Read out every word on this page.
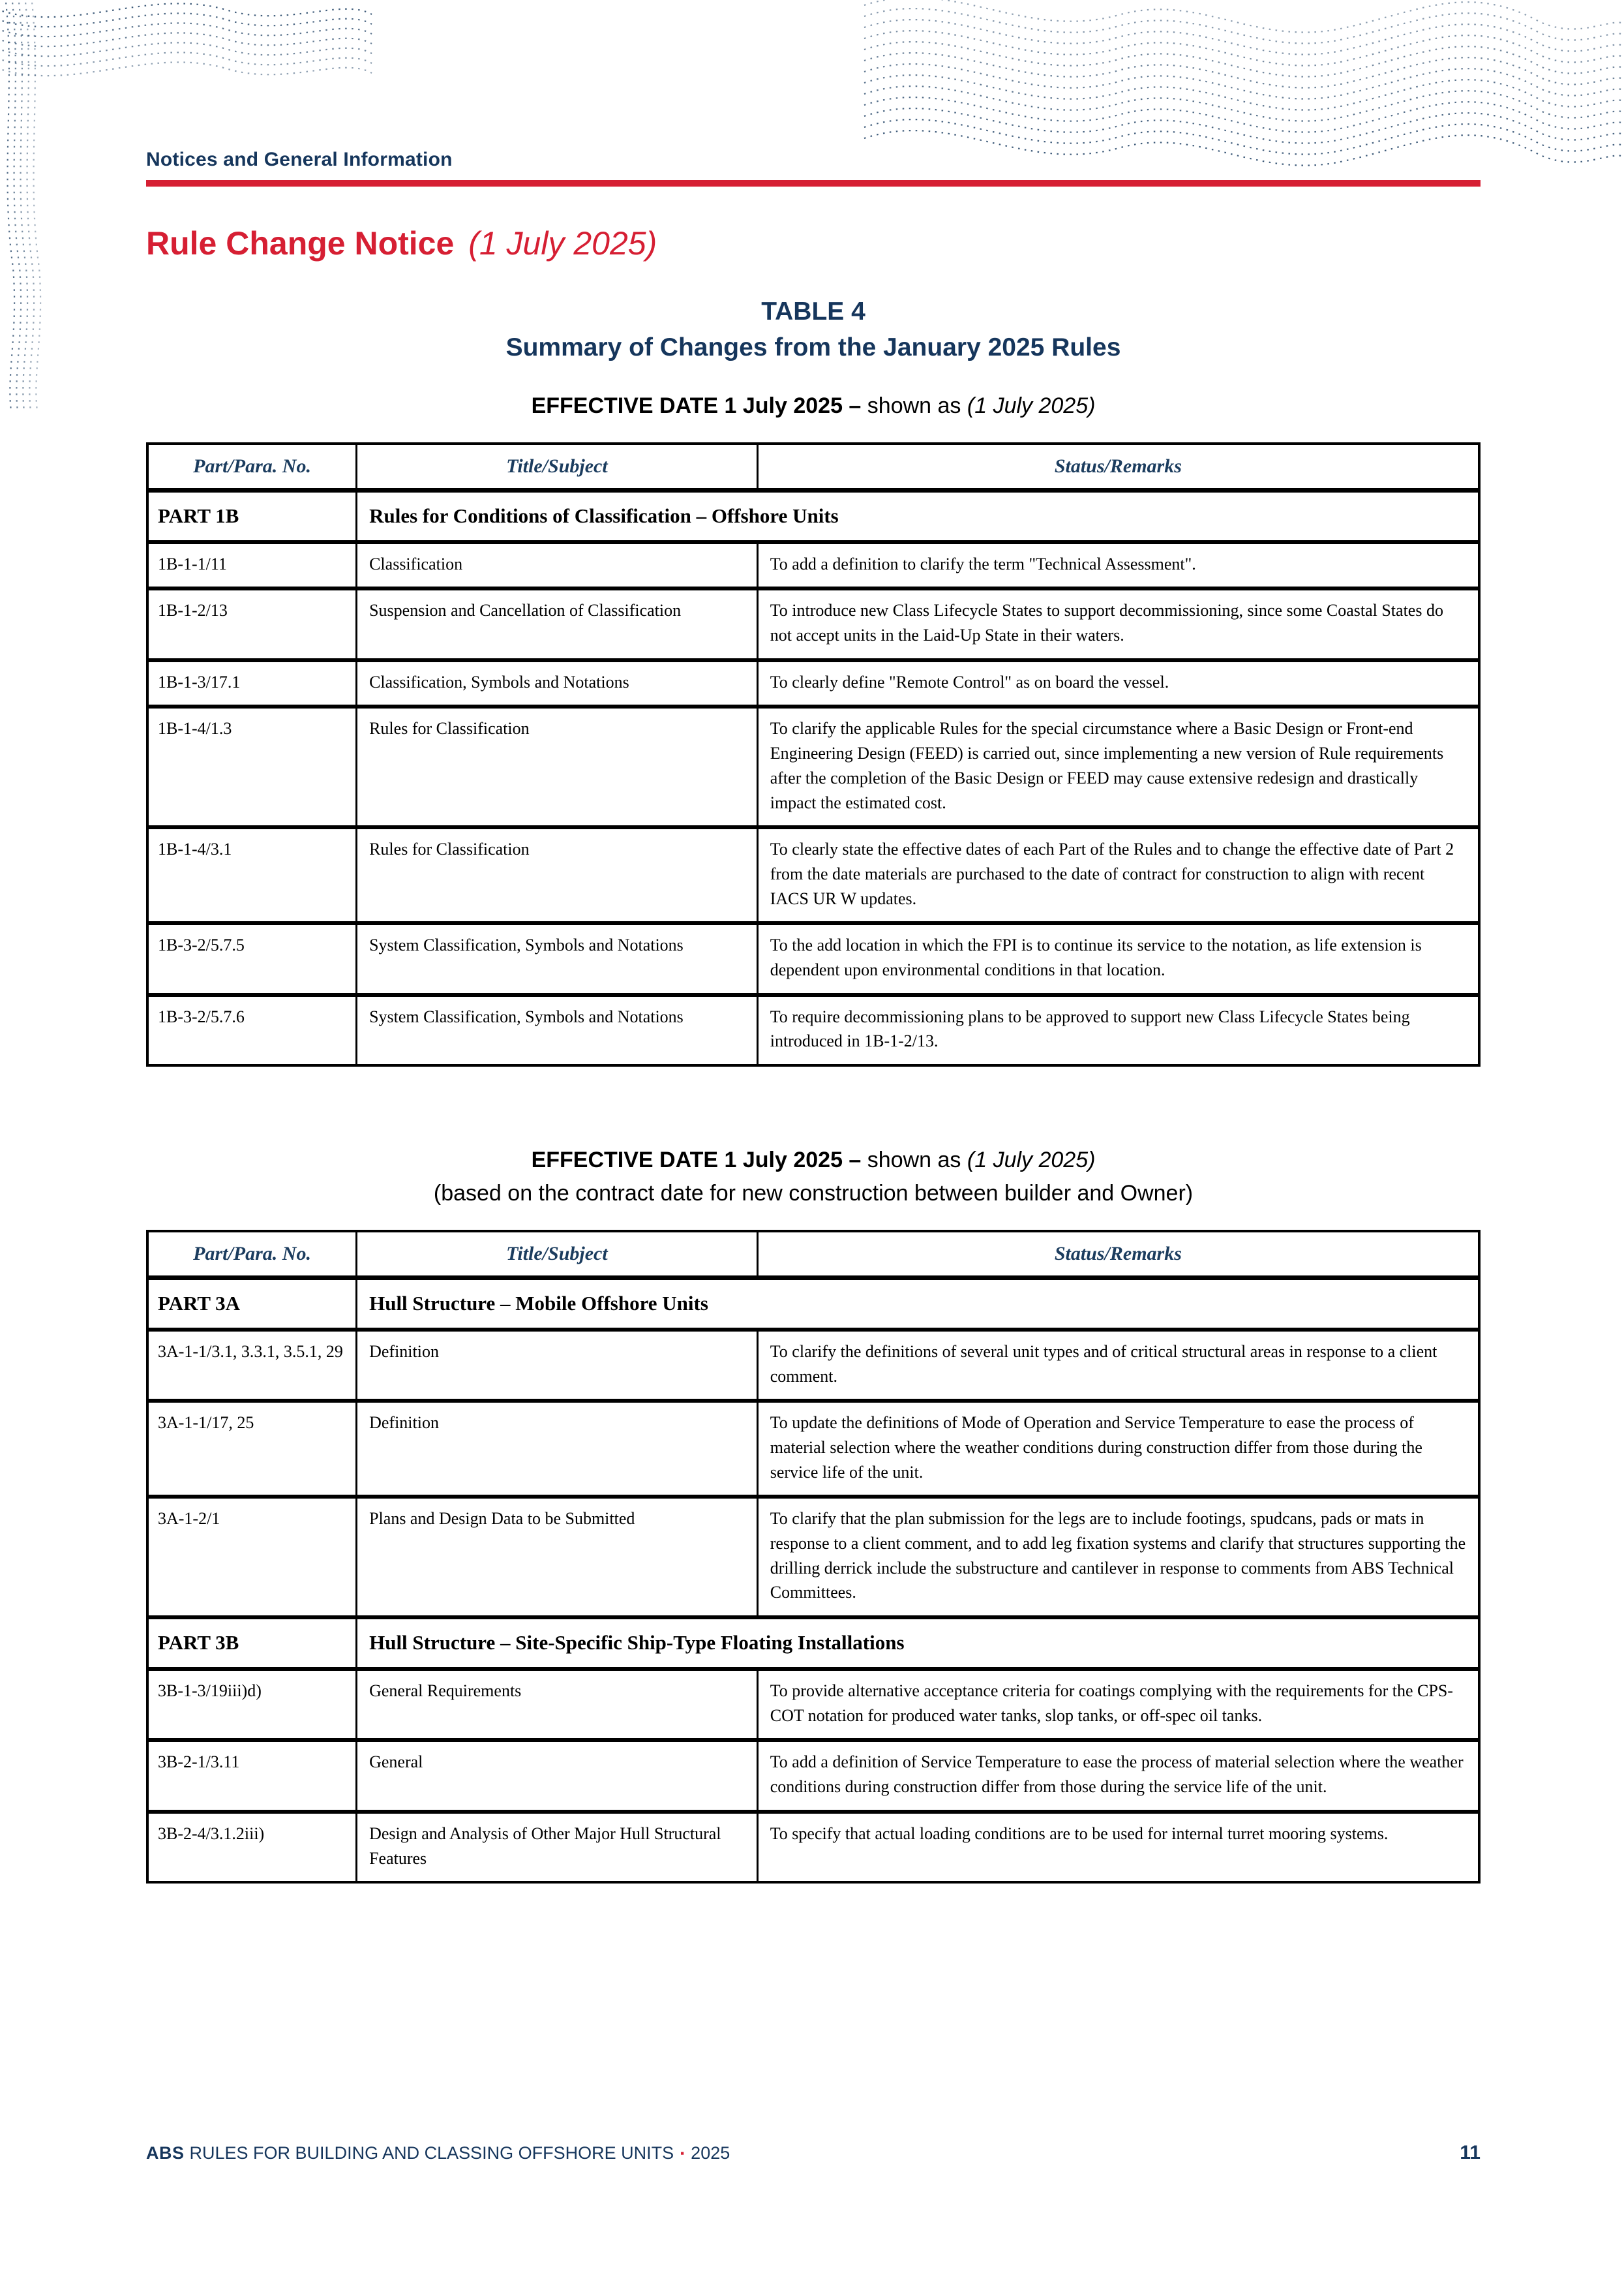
Notices and General Information
Rule Change Notice (1 July 2025)
TABLE 4
Summary of Changes from the January 2025 Rules
EFFECTIVE DATE 1 July 2025 – shown as (1 July 2025)
Part/Para. No.	Title/Subject	Status/Remarks
PART 1B	Rules for Conditions of Classification – Offshore Units	
1B-1-1/11	Classification	To add a definition to clarify the term "Technical Assessment".
1B-1-2/13	Suspension and Cancellation of Classification	To introduce new Class Lifecycle States to support decommissioning, since some Coastal States do not accept units in the Laid-Up State in their waters.
1B-1-3/17.1	Classification, Symbols and Notations	To clearly define "Remote Control" as on board the vessel.
1B-1-4/1.3	Rules for Classification	To clarify the applicable Rules for the special circumstance where a Basic Design or Front-end Engineering Design (FEED) is carried out, since implementing a new version of Rule requirements after the completion of the Basic Design or FEED may cause extensive redesign and drastically impact the estimated cost.
1B-1-4/3.1	Rules for Classification	To clearly state the effective dates of each Part of the Rules and to change the effective date of Part 2 from the date materials are purchased to the date of contract for construction to align with recent IACS UR W updates.
1B-3-2/5.7.5	System Classification, Symbols and Notations	To the add location in which the FPI is to continue its service to the notation, as life extension is dependent upon environmental conditions in that location.
1B-3-2/5.7.6	System Classification, Symbols and Notations	To require decommissioning plans to be approved to support new Class Lifecycle States being introduced in 1B-1-2/13.
EFFECTIVE DATE 1 July 2025 – shown as (1 July 2025)
(based on the contract date for new construction between builder and Owner)
Part/Para. No.	Title/Subject	Status/Remarks
PART 3A	Hull Structure – Mobile Offshore Units	
3A-1-1/3.1, 3.3.1, 3.5.1, 29	Definition	To clarify the definitions of several unit types and of critical structural areas in response to a client comment.
3A-1-1/17, 25	Definition	To update the definitions of Mode of Operation and Service Temperature to ease the process of material selection where the weather conditions during construction differ from those during the service life of the unit.
3A-1-2/1	Plans and Design Data to be Submitted	To clarify that the plan submission for the legs are to include footings, spudcans, pads or mats in response to a client comment, and to add leg fixation systems and clarify that structures supporting the drilling derrick include the substructure and cantilever in response to comments from ABS Technical Committees.
PART 3B	Hull Structure – Site-Specific Ship-Type Floating Installations	
3B-1-3/19iii)d)	General Requirements	To provide alternative acceptance criteria for coatings complying with the requirements for the CPS-COT notation for produced water tanks, slop tanks, or off-spec oil tanks.
3B-2-1/3.11	General	To add a definition of Service Temperature to ease the process of material selection where the weather conditions during construction differ from those during the service life of the unit.
3B-2-4/3.1.2iii)	Design and Analysis of Other Major Hull Structural Features	To specify that actual loading conditions are to be used for internal turret mooring systems.
ABS RULES FOR BUILDING AND CLASSING OFFSHORE UNITS ▪ 2025	11
